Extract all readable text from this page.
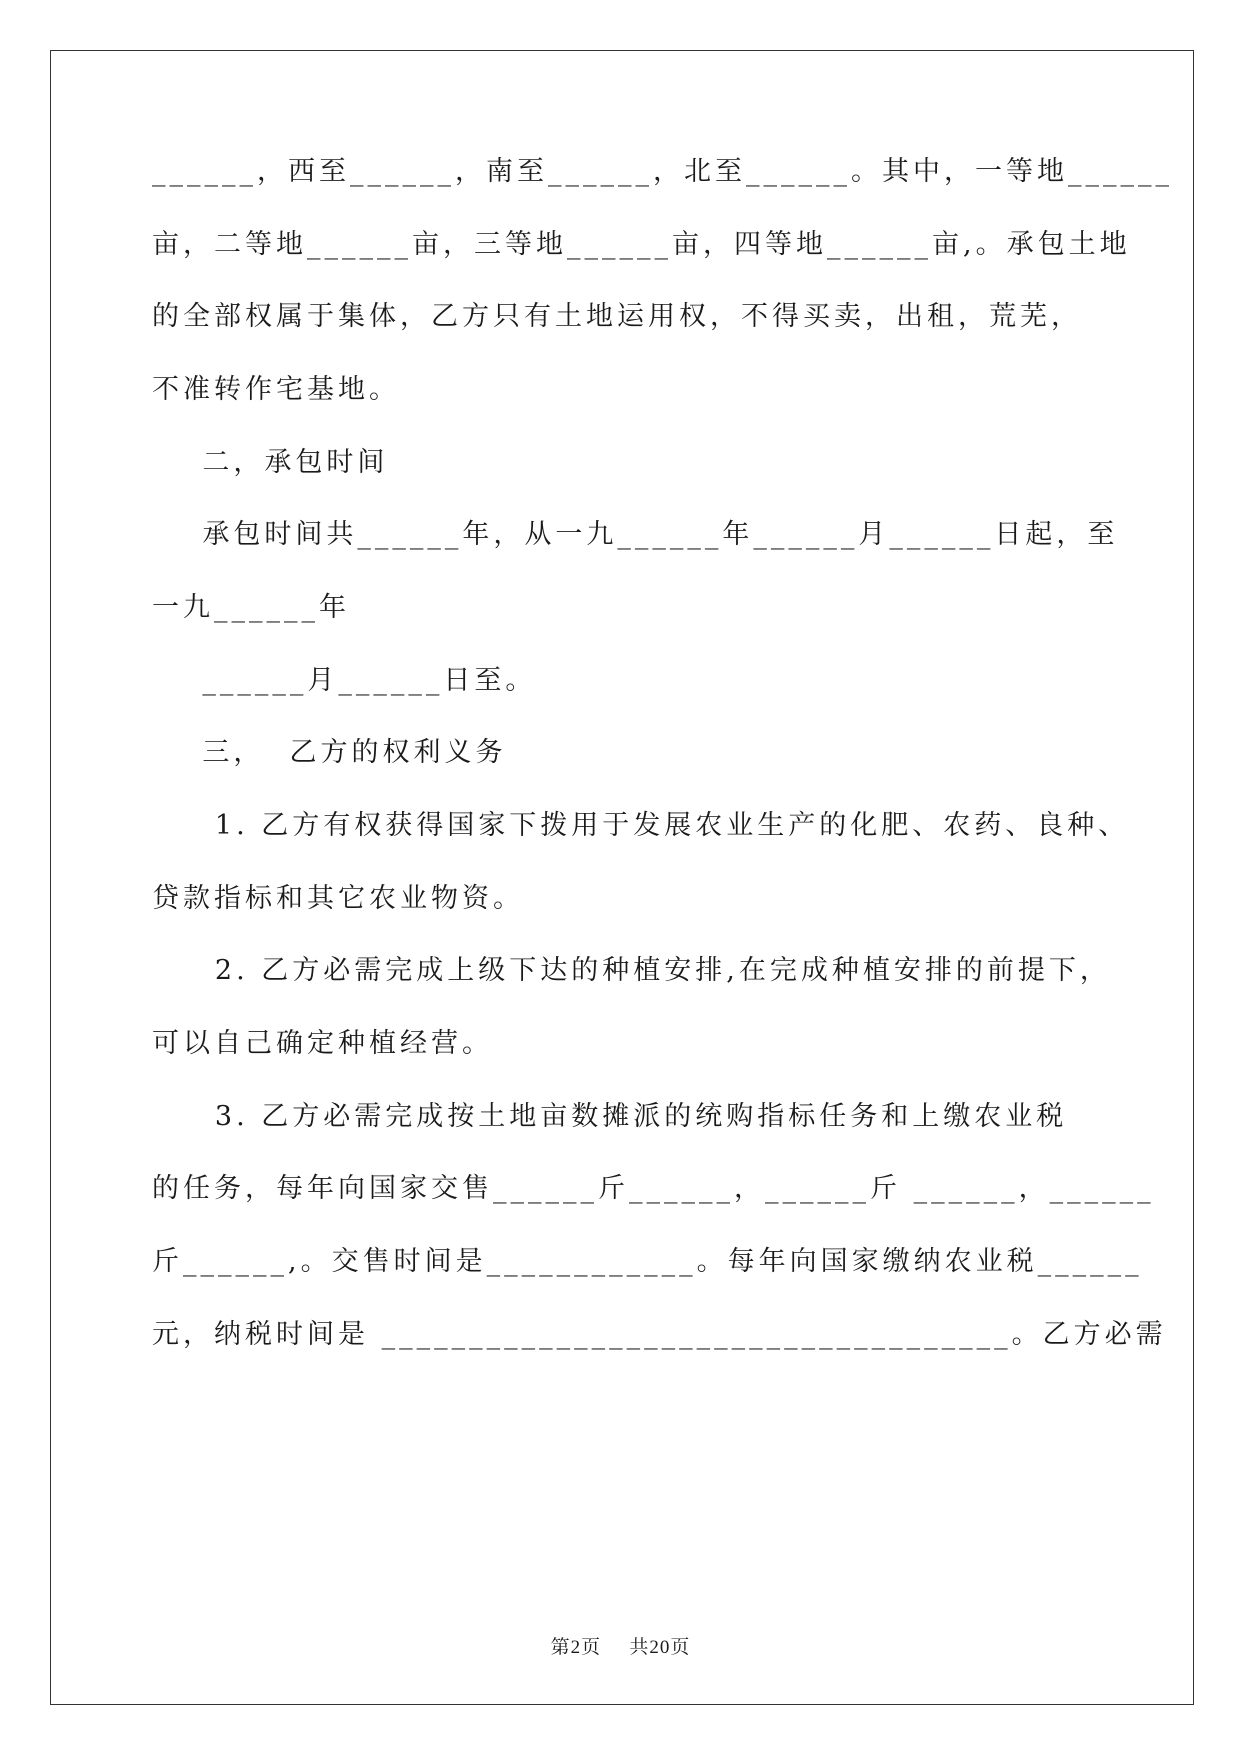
______，西至______，南至______，北至______。其中，一等地______
亩，二等地______亩，三等地______亩，四等地______亩,。承包土地
的全部权属于集体，乙方只有土地运用权，不得买卖，出租，荒芜，
不准转作宅基地。
二，承包时间
承包时间共______年，从一九______年______月______日起，至
一九______年
______月______日至。
三，  乙方的权利义务
1. 乙方有权获得国家下拨用于发展农业生产的化肥、农药、良种、
贷款指标和其它农业物资。
2. 乙方必需完成上级下达的种植安排,在完成种植安排的前提下，
可以自己确定种植经营。
3. 乙方必需完成按土地亩数摊派的统购指标任务和上缴农业税
的任务，每年向国家交售______斤______，______斤 ______，______
斤______,。交售时间是____________。每年向国家缴纳农业税______
元，纳税时间是 ____________________________________。乙方必需
第2页 共20页
